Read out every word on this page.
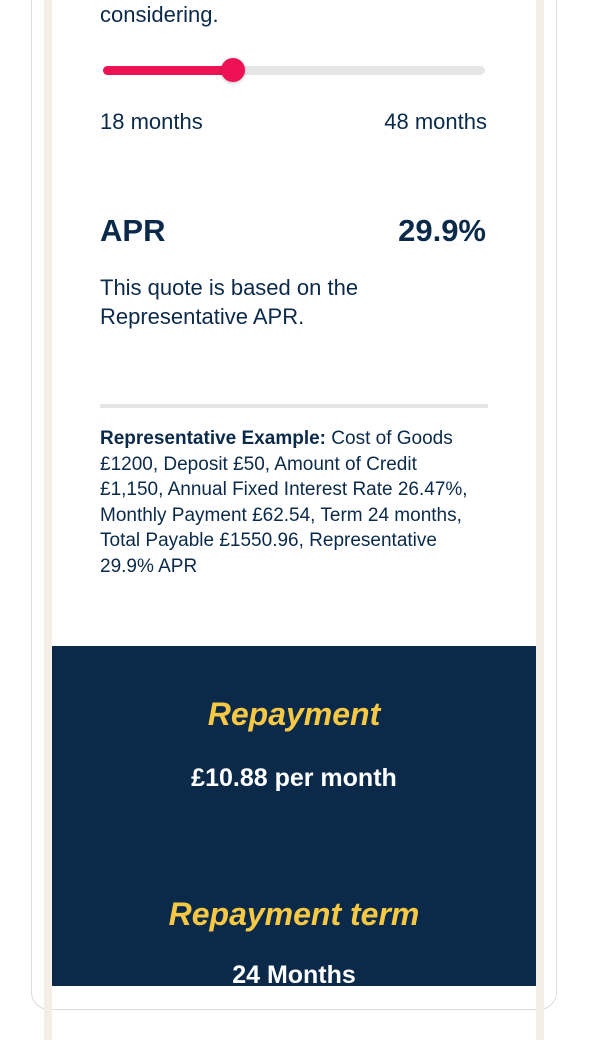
considering.
18 months	48 months
APR	29.9%
This quote is based on the Representative APR.
Representative Example: Cost of Goods £1200, Deposit £50, Amount of Credit £1,150, Annual Fixed Interest Rate 26.47%, Monthly Payment £62.54, Term 24 months, Total Payable £1550.96, Representative 29.9% APR
Repayment
£10.88 per month
Repayment term
24 Months
